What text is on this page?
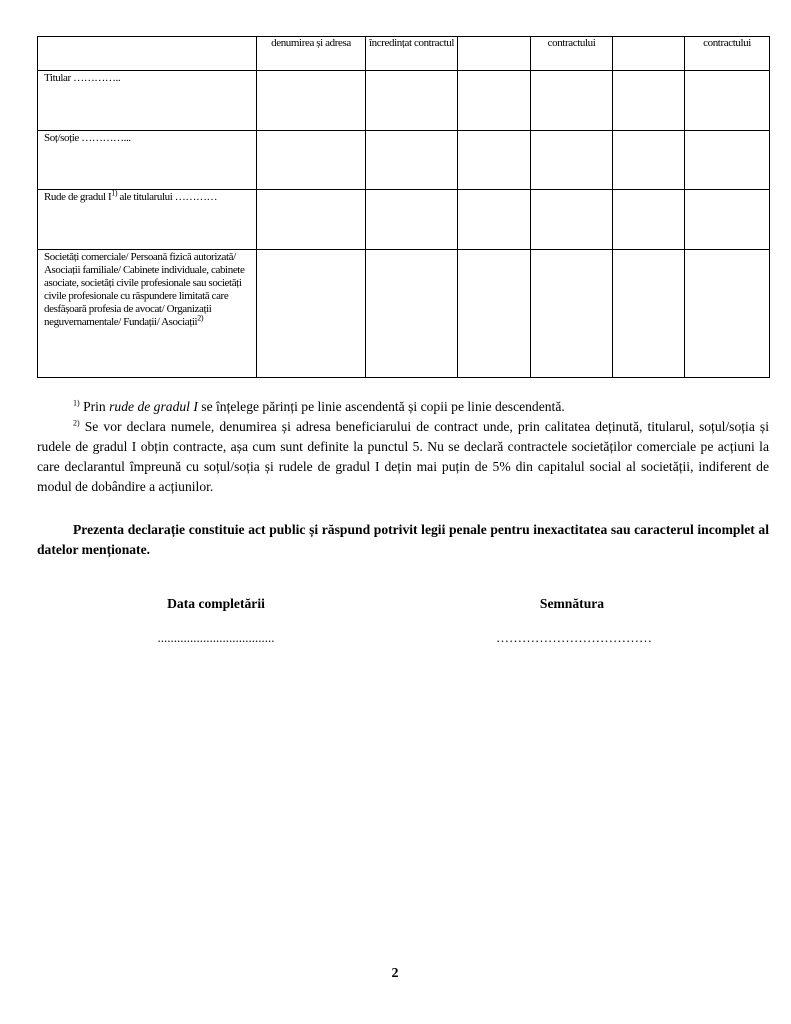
	denumirea și adresa	încredințat contractul		contractului		contractului
Titular …………..						
Soț/soție …………...						
Rude de gradul $I^{1)}$ ale titularului …………						
Societăți comerciale/ Persoană fizică autorizată/ Asociații familiale/ Cabinete individuale, cabinete asociate, societăți civile profesionale sau societăți civile profesionale cu răspundere limitată care desfășoară profesia de avocat/ Organizații neguvernamentale/ Fundații/ Asociații$^{2)}$						

$^{1)}$ Prin rude de gradul I se înțelege părinți pe linie ascendentă și copii pe linie descendentă.

$^{2)}$ Se vor declara numele, denumirea și adresa beneficiarului de contract unde, prin calitatea deținută, titularul, soțul/soția și rudele de gradul I obțin contracte, așa cum sunt definite la punctul 5. Nu se declară contractele societăților comerciale pe acțiuni la care declarantul împreună cu soțul/soția și rudele de gradul I dețin mai puțin de 5% din capitalul social al societății, indiferent de modul de dobândire a acțiunilor.

Prezenta declarație constituie act public și răspund potrivit legii penale pentru inexactitatea sau caracterul incomplet al datelor menționate.

Data completării
....................................
Semnătura
………………………………
2
